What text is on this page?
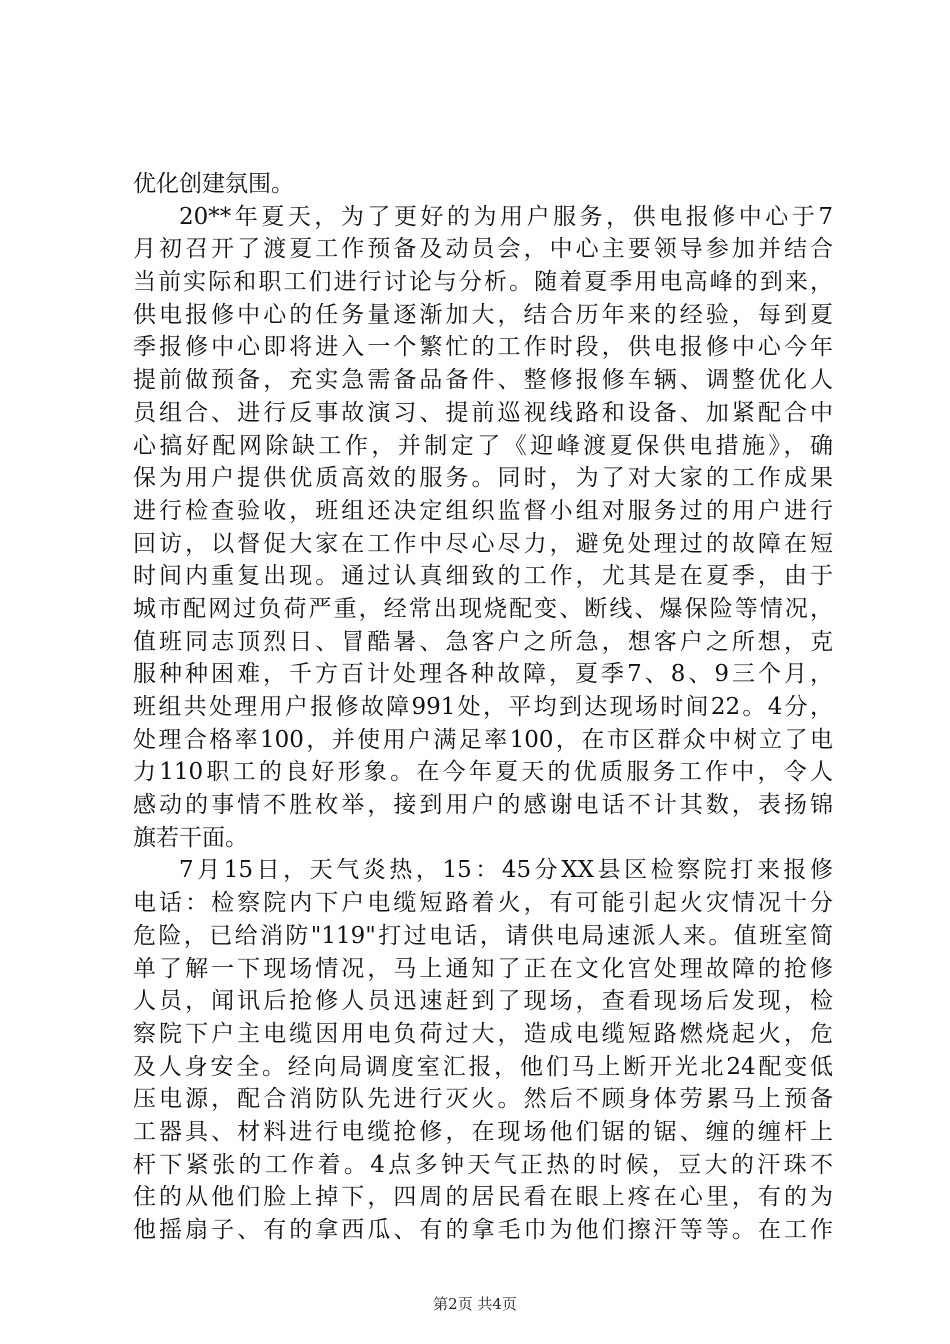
优化创建氛围。
20**年夏天，为了更好的为用户服务，供电报修中心于7
月初召开了渡夏工作预备及动员会，中心主要领导参加并结合
当前实际和职工们进行讨论与分析。随着夏季用电高峰的到来，
供电报修中心的任务量逐渐加大，结合历年来的经验，每到夏
季报修中心即将进入一个繁忙的工作时段，供电报修中心今年
提前做预备，充实急需备品备件、整修报修车辆、调整优化人
员组合、进行反事故演习、提前巡视线路和设备、加紧配合中
心搞好配网除缺工作，并制定了《迎峰渡夏保供电措施》，确
保为用户提供优质高效的服务。同时，为了对大家的工作成果
进行检查验收，班组还决定组织监督小组对服务过的用户进行
回访，以督促大家在工作中尽心尽力，避免处理过的故障在短
时间内重复出现。通过认真细致的工作，尤其是在夏季，由于
城市配网过负荷严重，经常出现烧配变、断线、爆保险等情况，
值班同志顶烈日、冒酷暑、急客户之所急，想客户之所想，克
服种种困难，千方百计处理各种故障，夏季7、8、9三个月，
班组共处理用户报修故障991处，平均到达现场时间22。4分，
处理合格率100，并使用户满足率100，在市区群众中树立了电
力110职工的良好形象。在今年夏天的优质服务工作中，令人
感动的事情不胜枚举，接到用户的感谢电话不计其数，表扬锦
旗若干面。
7月15日，天气炎热，15：45分XX县区检察院打来报修
电话：检察院内下户电缆短路着火，有可能引起火灾情况十分
危险，已给消防"119"打过电话，请供电局速派人来。值班室简
单了解一下现场情况，马上通知了正在文化宫处理故障的抢修
人员，闻讯后抢修人员迅速赶到了现场，查看现场后发现，检
察院下户主电缆因用电负荷过大，造成电缆短路燃烧起火，危
及人身安全。经向局调度室汇报，他们马上断开光北24配变低
压电源，配合消防队先进行灭火。然后不顾身体劳累马上预备
工器具、材料进行电缆抢修，在现场他们锯的锯、缠的缠杆上
杆下紧张的工作着。4点多钟天气正热的时候，豆大的汗珠不
住的从他们脸上掉下，四周的居民看在眼上疼在心里，有的为
他摇扇子、有的拿西瓜、有的拿毛巾为他们擦汗等等。在工作
第2页 共4页
